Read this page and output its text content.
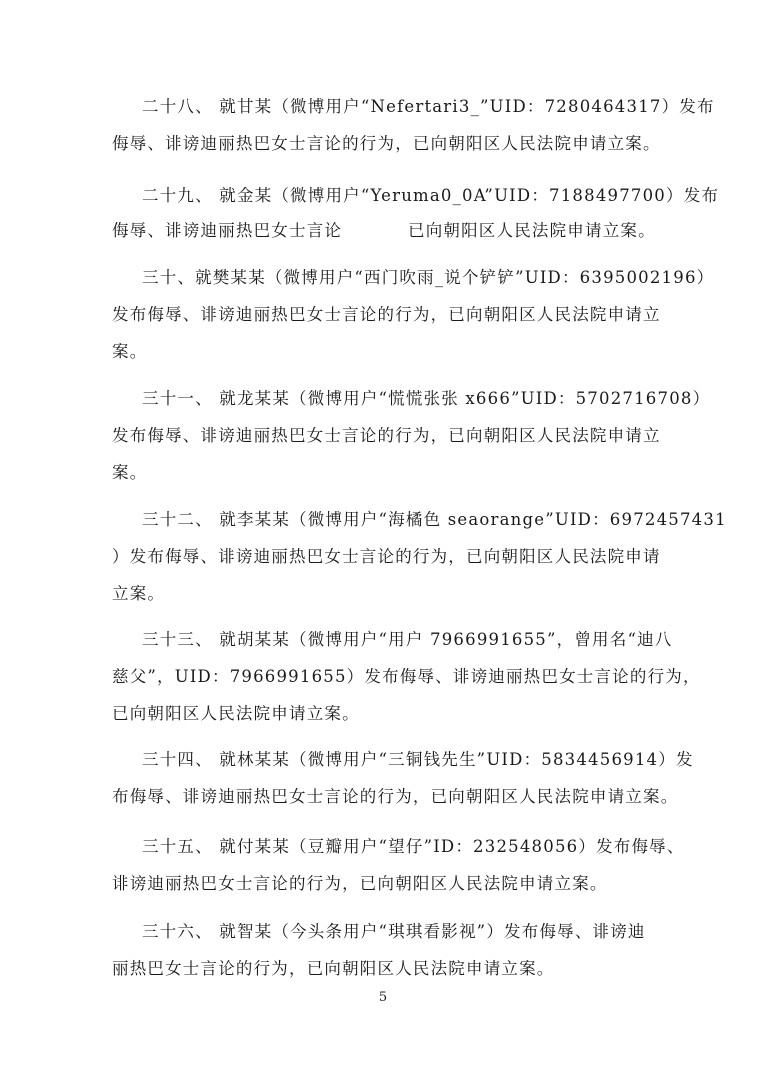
二十八、 就甘某（微博用户“Nefertari3_”UID：7280464317）发布
侮辱、诽谤迪丽热巴女士言论的行为，已向朝阳区人民法院申请立案。
二十九、 就金某（微博用户“Yeruma0_0A”UID：7188497700）发布
侮辱、诽谤迪丽热巴女士言论	已向朝阳区人民法院申请立案。
三十、就樊某某（微博用户“西门吹雨_说个铲铲”UID：6395002196）
发布侮辱、诽谤迪丽热巴女士言论的行为，已向朝阳区人民法院申请立
案。
三十一、 就龙某某（微博用户“慌慌张张 x666”UID：5702716708）
发布侮辱、诽谤迪丽热巴女士言论的行为，已向朝阳区人民法院申请立
案。
三十二、 就李某某（微博用户“海橘色 seaorange”UID：6972457431
）发布侮辱、诽谤迪丽热巴女士言论的行为，已向朝阳区人民法院申请
立案。
三十三、 就胡某某（微博用户“用户 7966991655”，曾用名“迪八
慈父”，UID：7966991655）发布侮辱、诽谤迪丽热巴女士言论的行为，
已向朝阳区人民法院申请立案。
三十四、 就林某某（微博用户“三铜钱先生”UID：5834456914）发
布侮辱、诽谤迪丽热巴女士言论的行为，已向朝阳区人民法院申请立案。
三十五、 就付某某（豆瓣用户“望仔”ID：232548056）发布侮辱、
诽谤迪丽热巴女士言论的行为，已向朝阳区人民法院申请立案。
三十六、 就智某（今头条用户“琪琪看影视”）发布侮辱、诽谤迪
丽热巴女士言论的行为，已向朝阳区人民法院申请立案。
5
